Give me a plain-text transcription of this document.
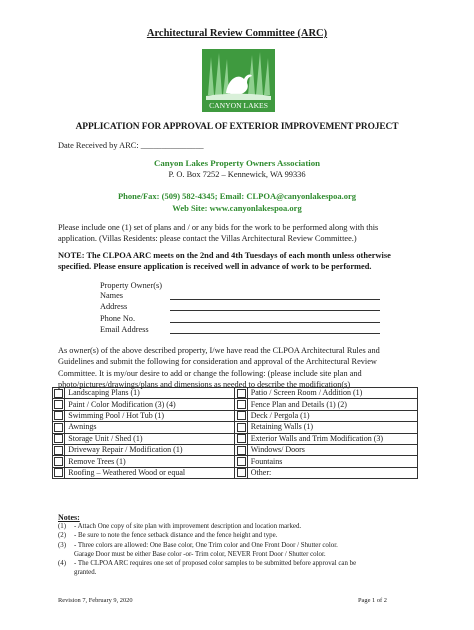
Architectural Review Committee (ARC)
CANYON LAKES
APPLICATION FOR APPROVAL OF EXTERIOR IMPROVEMENT PROJECT
Date Received by ARC: _______________
Canyon Lakes Property Owners Association
P. O. Box 7252 – Kennewick, WA 99336
Phone/Fax: (509) 582-4345; Email: CLPOA@canyonlakespoa.org
Web Site: www.canyonlakespoa.org
Please include one (1) set of plans and / or any bids for the work to be performed along with this
application. (Villas Residents: please contact the Villas Architectural Review Committee.)
NOTE: The CLPOA ARC meets on the 2nd and 4th Tuesdays of each month unless otherwise
specified. Please ensure application is received well in advance of work to be performed.
Property Owner(s)
Names
Address
Phone No.
Email Address
As owner(s) of the above described property, I/we have read the CLPOA Architectural Rules and
Guidelines and submit the following for consideration and approval of the Architectural Review
Committee. It is my/our desire to add or change the following: (please include site plan and
photo/pictures/drawings/plans and dimensions as needed to describe the modification(s)
	Landscaping Plans (1)		Patio / Screen Room / Addition (1)

	Paint / Color Modification (3) (4)		Fence Plan and Details (1) (2)

	Swimming Pool / Hot Tub (1)		Deck / Pergola (1)

	Awnings		Retaining Walls (1)

	Storage Unit / Shed (1)		Exterior Walls and Trim Modification (3)

	Driveway Repair / Modification (1)		Windows/ Doors

	Remove Trees (1)		Fountains

	Roofing – Weathered Wood or equal		Other:
Notes:
(1)	- Attach One copy of site plan with improvement description and location marked.
(2)	- Be sure to note the fence setback distance and the fence height and type.
(3)	- Three colors are allowed: One Base color, One Trim color and One Front Door / Shutter color.
Garage Door must be either Base color -or- Trim color, NEVER Front Door / Shutter color.
(4)	- The CLPOA ARC requires one set of proposed color samples to be submitted before approval can be
granted.
Revision 7, February 9, 2020	Page 1 of 2
